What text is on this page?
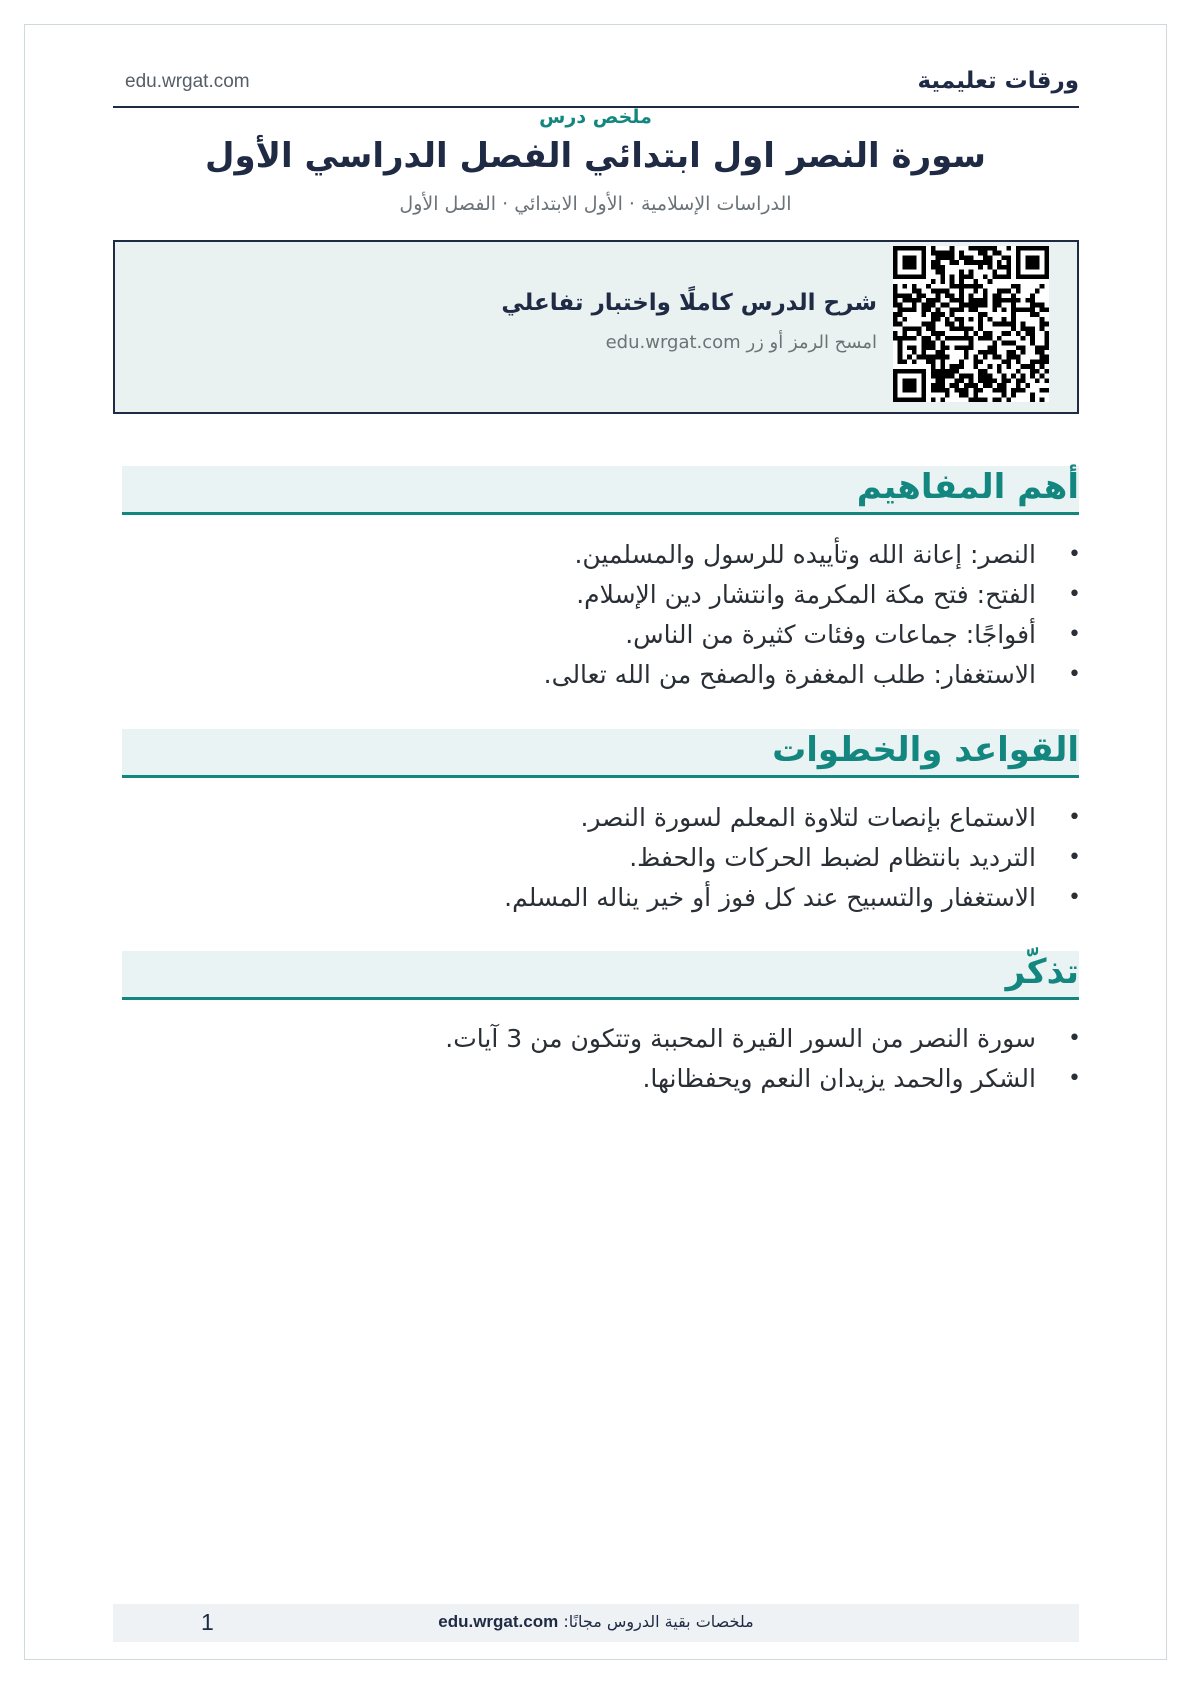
ورقات تعليمية
edu.wrgat.com
ملخص درس
سورة النصر اول ابتدائي الفصل الدراسي الأول
الدراسات الإسلامية · الأول الابتدائي · الفصل الأول
شرح الدرس كاملًا واختبار تفاعلي
امسح الرمز أو زر edu.wrgat.com
أهم المفاهيم
• النصر: إعانة الله وتأييده للرسول والمسلمين.
• الفتح: فتح مكة المكرمة وانتشار دين الإسلام.
• أفواجًا: جماعات وفئات كثيرة من الناس.
• الاستغفار: طلب المغفرة والصفح من الله تعالى.
القواعد والخطوات
• الاستماع بإنصات لتلاوة المعلم لسورة النصر.
• الترديد بانتظام لضبط الحركات والحفظ.
• الاستغفار والتسبيح عند كل فوز أو خير يناله المسلم.
تذكّر
• سورة النصر من السور القيرة المحببة وتتكون من 3 آيات.
• الشكر والحمد يزيدان النعم ويحفظانها.
ملخصات بقية الدروس مجانًا: edu.wrgat.com
1
